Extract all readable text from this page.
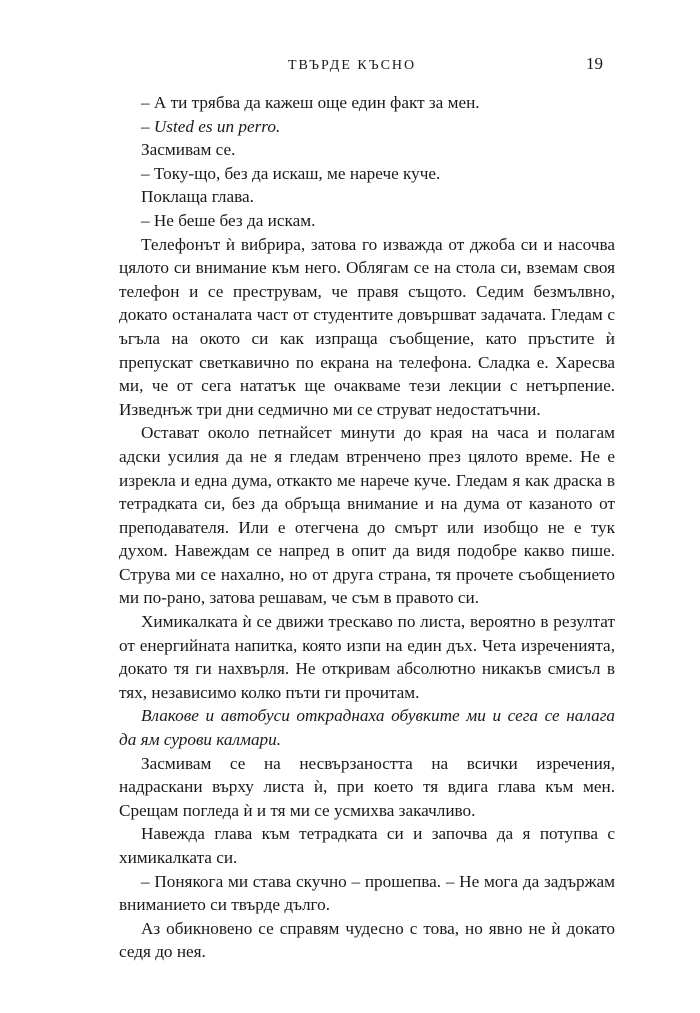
ТВЪРДЕ КЪСНО	19

– А ти трябва да кажеш още един факт за мен.

– Usted es un perro.

Засмивам се.

– Току-що, без да искаш, ме нарече куче.

Поклаща глава.

– Не беше без да искам.

Телефонът ѝ вибрира, затова го изважда от джоба си и насочва цялото си внимание към него. Облягам се на стола си, вземам своя телефон и се преструвам, че правя същото. Седим безмълвно, докато останалата част от студентите довършват задачата. Гледам с ъгъла на окото си как изпраща съобщение, като пръстите ѝ препускат светкавично по екрана на телефона. Сладка е. Харесва ми, че от сега нататък ще очакваме тези лекции с нетърпение. Изведнъж три дни седмично ми се струват недостатъчни.

Остават около петнайсет минути до края на часа и полагам адски усилия да не я гледам втренчено през цялото време. Не е изрекла и една дума, откакто ме нарече куче. Гледам я как драска в тетрадката си, без да обръща внимание и на дума от казаното от преподавателя. Или е отегчена до смърт или изобщо не е тук духом. Навеждам се напред в опит да видя подобре какво пише. Струва ми се нахално, но от друга страна, тя прочете съобщението ми по-рано, затова решавам, че съм в правото си.

Химикалката ѝ се движи трескаво по листа, вероятно в резултат от енергийната напитка, която изпи на един дъх. Чета изреченията, докато тя ги нахвърля. Не откривам абсолютно никакъв смисъл в тях, независимо колко пъти ги прочитам.

Влакове и автобуси откраднаха обувките ми и сега се налага да ям сурови калмари.

Засмивам се на несвързаността на всички изречения, надраскани върху листа ѝ, при което тя вдига глава към мен. Срещам погледа ѝ и тя ми се усмихва закачливо.

Навежда глава към тетрадката си и започва да я потупва с химикалката си.

– Понякога ми става скучно – прошепва. – Не мога да задържам вниманието си твърде дълго.

Аз обикновено се справям чудесно с това, но явно не ѝ докато седя до нея.
